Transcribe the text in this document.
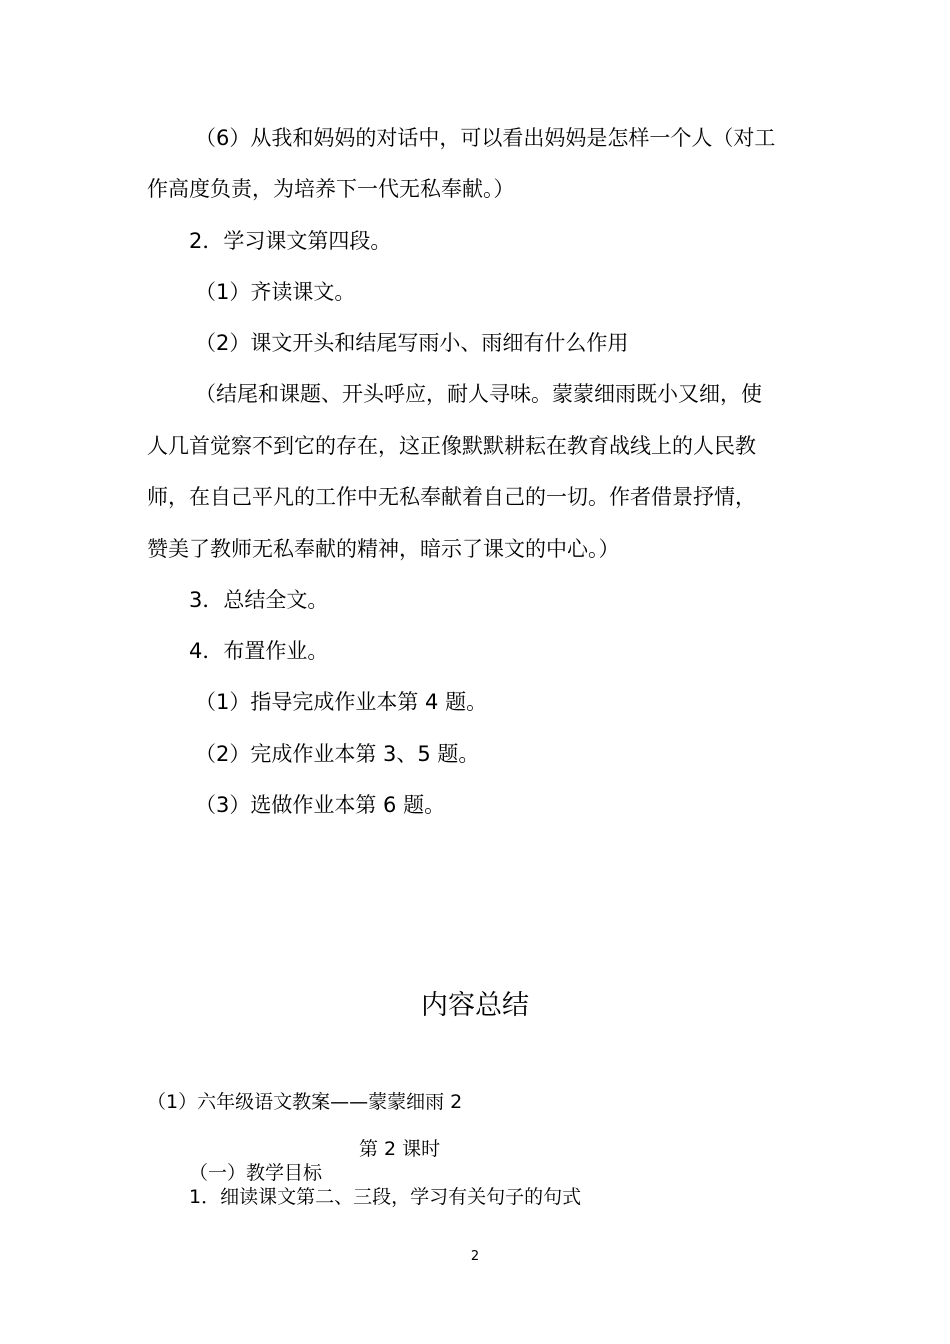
（6）从我和妈妈的对话中，可以看出妈妈是怎样一个人（对工
作高度负责，为培养下一代无私奉献。）
2．学习课文第四段。
（1）齐读课文。
（2）课文开头和结尾写雨小、雨细有什么作用
（结尾和课题、开头呼应，耐人寻味。蒙蒙细雨既小又细，使
人几首觉察不到它的存在，这正像默默耕耘在教育战线上的人民教
师，在自己平凡的工作中无私奉献着自己的一切。作者借景抒情，
赞美了教师无私奉献的精神，暗示了课文的中心。）
3．总结全文。
4．布置作业。
（1）指导完成作业本第 4 题。
（2）完成作业本第 3、5 题。
（3）选做作业本第 6 题。
内容总结
（1）六年级语文教案——蒙蒙细雨 2
第 2 课时
（一）教学目标
1．细读课文第二、三段，学习有关句子的句式
2
